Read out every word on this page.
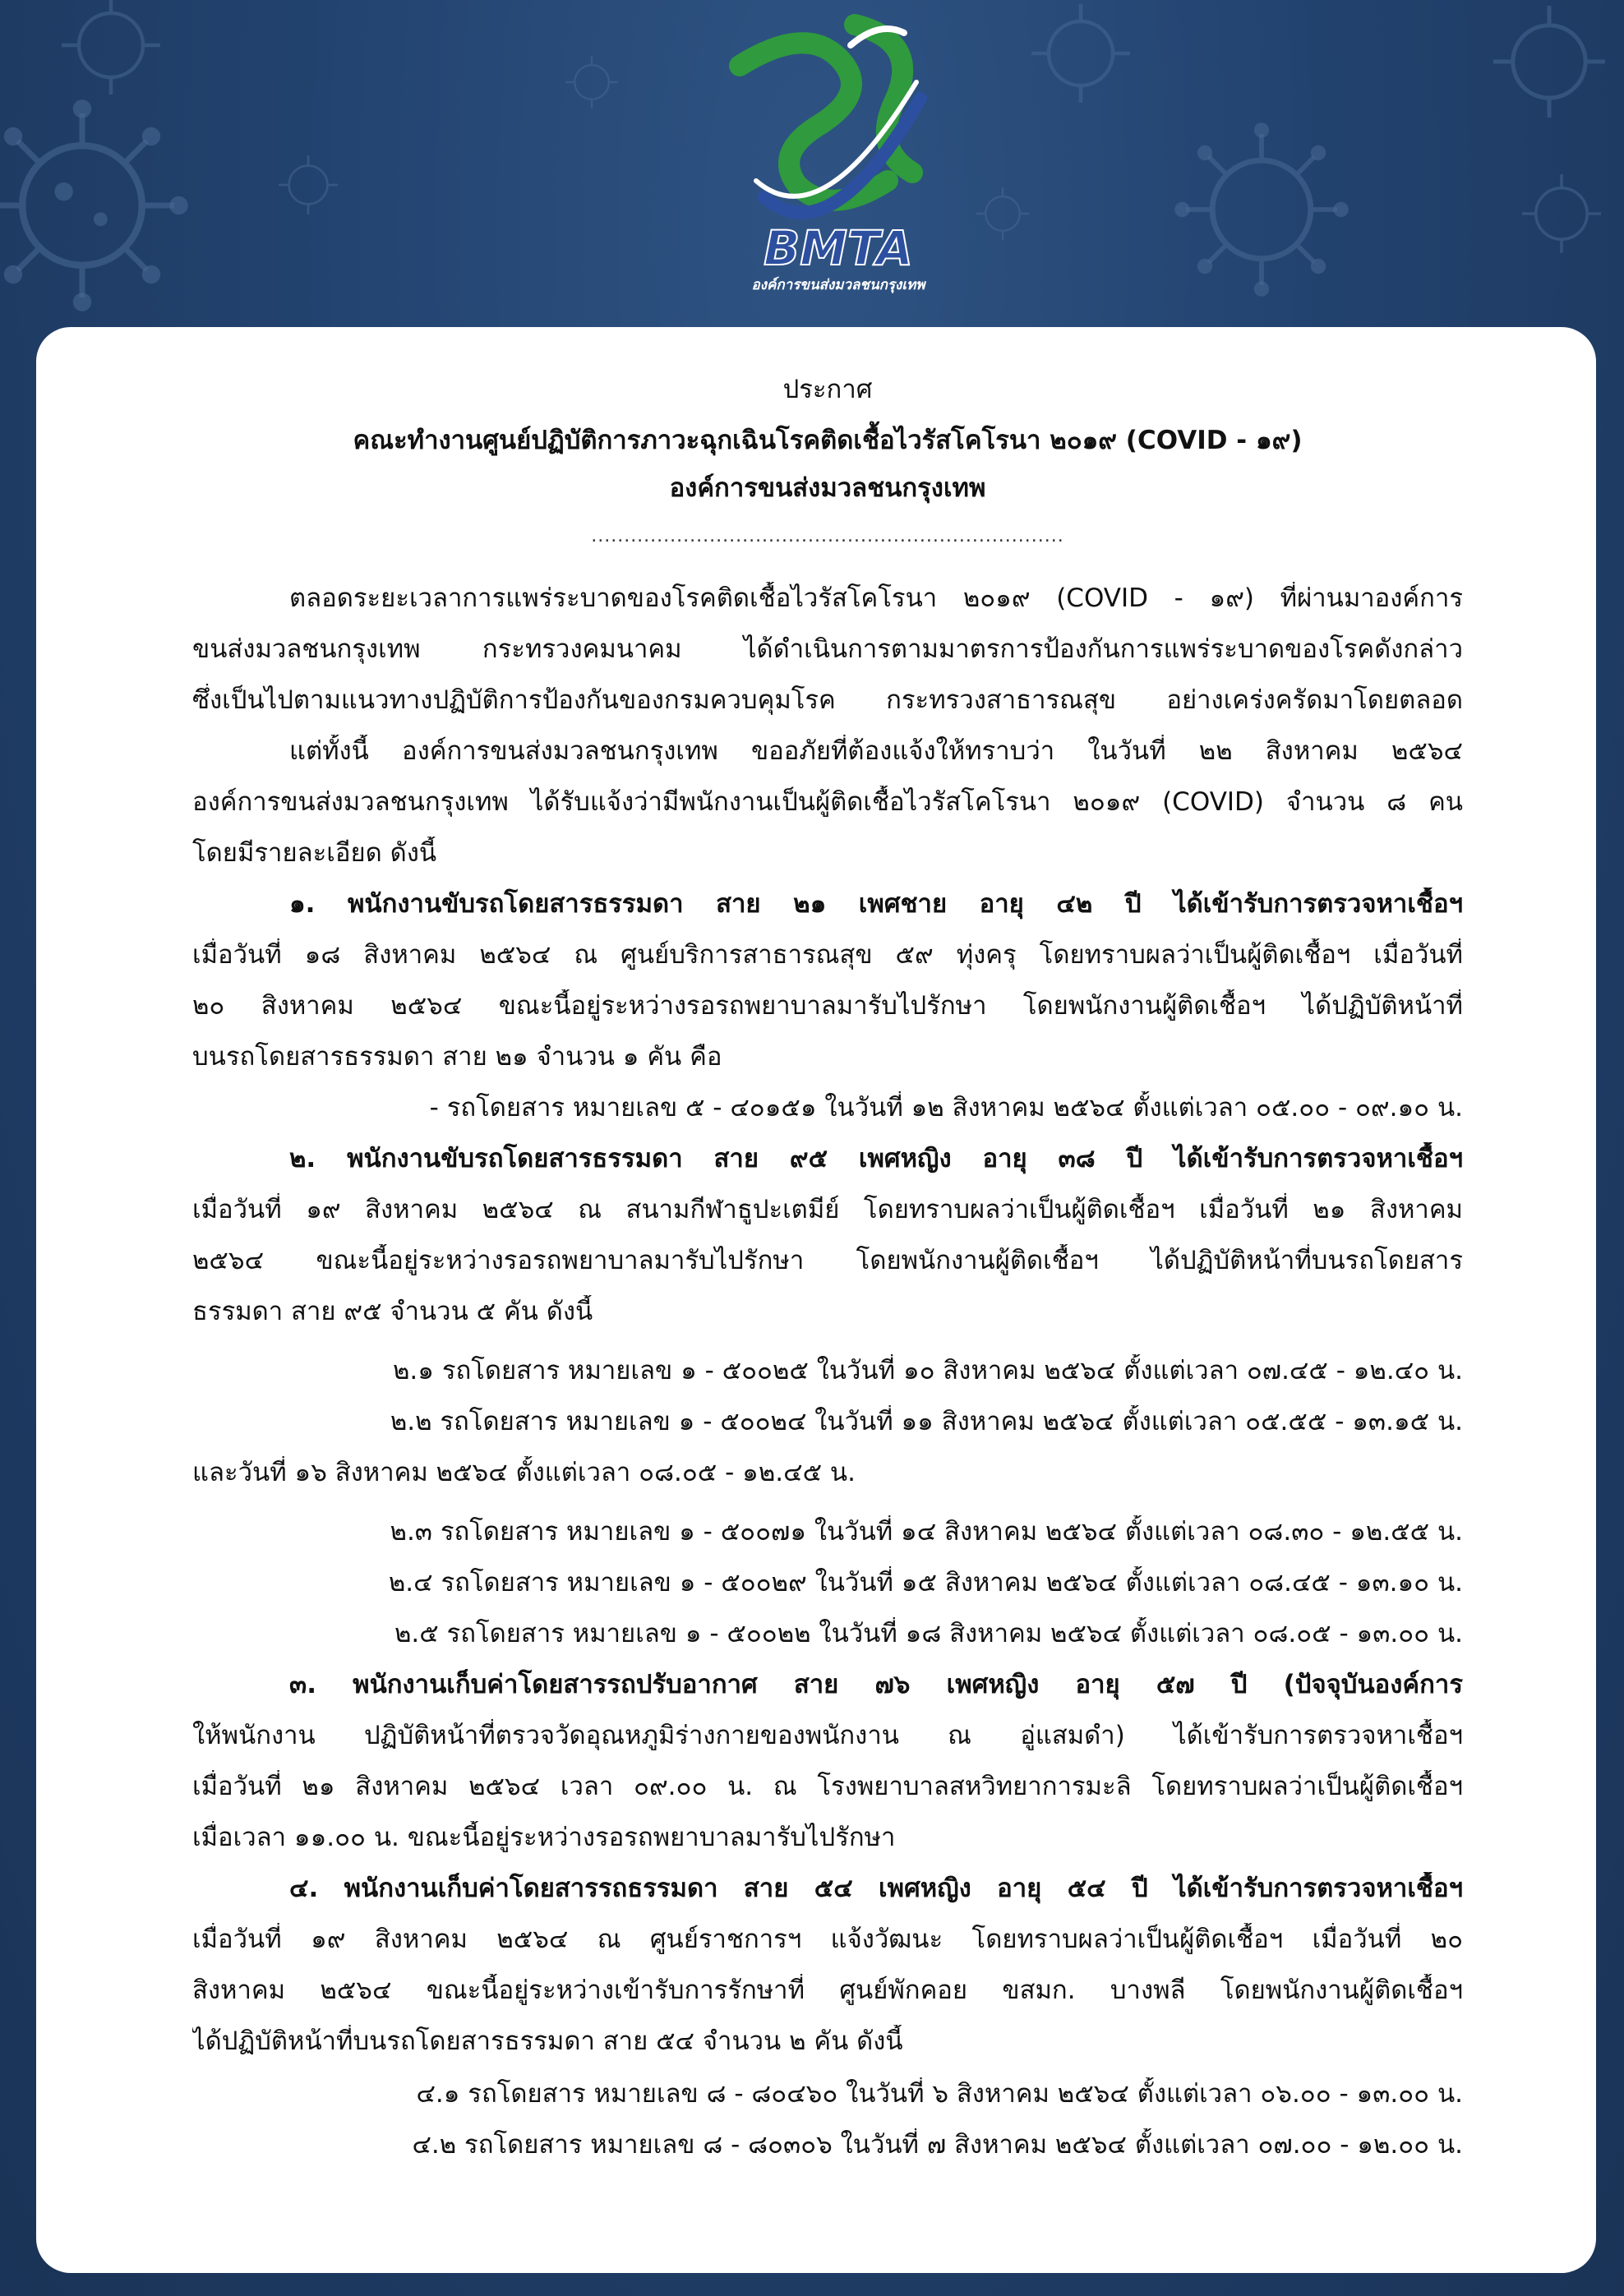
BMTA
องค์การขนส่งมวลชนกรุงเทพ
ประกาศ
คณะทำงานศูนย์ปฏิบัติการภาวะฉุกเฉินโรคติดเชื้อไวรัสโคโรนา ๒๐๑๙ (COVID - ๑๙)
องค์การขนส่งมวลชนกรุงเทพ
........................................................................
ตลอดระยะเวลาการแพร่ระบาดของโรคติดเชื้อไวรัสโคโรนา ๒๐๑๙ (COVID - ๑๙) ที่ผ่านมาองค์การ
ขนส่งมวลชนกรุงเทพ กระทรวงคมนาคม ได้ดำเนินการตามมาตรการป้องกันการแพร่ระบาดของโรคดังกล่าว
ซึ่งเป็นไปตามแนวทางปฏิบัติการป้องกันของกรมควบคุมโรค กระทรวงสาธารณสุข อย่างเคร่งครัดมาโดยตลอด
แต่ทั้งนี้ องค์การขนส่งมวลชนกรุงเทพ ขออภัยที่ต้องแจ้งให้ทราบว่า ในวันที่ ๒๒ สิงหาคม ๒๕๖๔
องค์การขนส่งมวลชนกรุงเทพ ได้รับแจ้งว่ามีพนักงานเป็นผู้ติดเชื้อไวรัสโคโรนา ๒๐๑๙ (COVID) จำนวน ๘ คน
โดยมีรายละเอียด ดังนี้
๑. พนักงานขับรถโดยสารธรรมดา สาย ๒๑ เพศชาย อายุ ๔๒ ปี ได้เข้ารับการตรวจหาเชื้อฯ
เมื่อวันที่ ๑๘ สิงหาคม ๒๕๖๔ ณ ศูนย์บริการสาธารณสุข ๕๙ ทุ่งครุ โดยทราบผลว่าเป็นผู้ติดเชื้อฯ เมื่อวันที่
๒๐ สิงหาคม ๒๕๖๔ ขณะนี้อยู่ระหว่างรอรถพยาบาลมารับไปรักษา โดยพนักงานผู้ติดเชื้อฯ ได้ปฏิบัติหน้าที่
บนรถโดยสารธรรมดา สาย ๒๑ จำนวน ๑ คัน คือ
- รถโดยสาร หมายเลข ๕ - ๔๐๑๕๑ ในวันที่ ๑๒ สิงหาคม ๒๕๖๔ ตั้งแต่เวลา ๐๕.๐๐ - ๐๙.๑๐ น.
๒. พนักงานขับรถโดยสารธรรมดา สาย ๙๕ เพศหญิง อายุ ๓๘ ปี ได้เข้ารับการตรวจหาเชื้อฯ
เมื่อวันที่ ๑๙ สิงหาคม ๒๕๖๔ ณ สนามกีฬาธูปะเตมีย์ โดยทราบผลว่าเป็นผู้ติดเชื้อฯ เมื่อวันที่ ๒๑ สิงหาคม
๒๕๖๔ ขณะนี้อยู่ระหว่างรอรถพยาบาลมารับไปรักษา โดยพนักงานผู้ติดเชื้อฯ ได้ปฏิบัติหน้าที่บนรถโดยสาร
ธรรมดา สาย ๙๕ จำนวน ๕ คัน ดังนี้
๒.๑ รถโดยสาร หมายเลข ๑ - ๕๐๐๒๕ ในวันที่ ๑๐ สิงหาคม ๒๕๖๔ ตั้งแต่เวลา ๐๗.๔๕ - ๑๒.๔๐ น.
๒.๒ รถโดยสาร หมายเลข ๑ - ๕๐๐๒๔ ในวันที่ ๑๑ สิงหาคม ๒๕๖๔ ตั้งแต่เวลา ๐๕.๕๕ - ๑๓.๑๕ น.
และวันที่ ๑๖ สิงหาคม ๒๕๖๔ ตั้งแต่เวลา ๐๘.๐๕ - ๑๒.๔๕ น.
๒.๓ รถโดยสาร หมายเลข ๑ - ๕๐๐๗๑ ในวันที่ ๑๔ สิงหาคม ๒๕๖๔ ตั้งแต่เวลา ๐๘.๓๐ - ๑๒.๕๕ น.
๒.๔ รถโดยสาร หมายเลข ๑ - ๕๐๐๒๙ ในวันที่ ๑๕ สิงหาคม ๒๕๖๔ ตั้งแต่เวลา ๐๘.๔๕ - ๑๓.๑๐ น.
๒.๕ รถโดยสาร หมายเลข ๑ - ๕๐๐๒๒ ในวันที่ ๑๘ สิงหาคม ๒๕๖๔ ตั้งแต่เวลา ๐๘.๐๕ - ๑๓.๐๐ น.
๓. พนักงานเก็บค่าโดยสารรถปรับอากาศ สาย ๗๖ เพศหญิง อายุ ๕๗ ปี (ปัจจุบันองค์การ
ให้พนักงาน ปฏิบัติหน้าที่ตรวจวัดอุณหภูมิร่างกายของพนักงาน ณ อู่แสมดำ) ได้เข้ารับการตรวจหาเชื้อฯ
เมื่อวันที่ ๒๑ สิงหาคม ๒๕๖๔ เวลา ๐๙.๐๐ น. ณ โรงพยาบาลสหวิทยาการมะลิ โดยทราบผลว่าเป็นผู้ติดเชื้อฯ
เมื่อเวลา ๑๑.๐๐ น. ขณะนี้อยู่ระหว่างรอรถพยาบาลมารับไปรักษา
๔. พนักงานเก็บค่าโดยสารรถธรรมดา สาย ๕๔ เพศหญิง อายุ ๕๔ ปี ได้เข้ารับการตรวจหาเชื้อฯ
เมื่อวันที่ ๑๙ สิงหาคม ๒๕๖๔ ณ ศูนย์ราชการฯ แจ้งวัฒนะ โดยทราบผลว่าเป็นผู้ติดเชื้อฯ เมื่อวันที่ ๒๐
สิงหาคม ๒๕๖๔ ขณะนี้อยู่ระหว่างเข้ารับการรักษาที่ ศูนย์พักคอย ขสมก. บางพลี โดยพนักงานผู้ติดเชื้อฯ
ได้ปฏิบัติหน้าที่บนรถโดยสารธรรมดา สาย ๕๔ จำนวน ๒ คัน ดังนี้
๔.๑ รถโดยสาร หมายเลข ๘ - ๘๐๔๖๐ ในวันที่ ๖ สิงหาคม ๒๕๖๔ ตั้งแต่เวลา ๐๖.๐๐ - ๑๓.๐๐ น.
๔.๒ รถโดยสาร หมายเลข ๘ - ๘๐๓๐๖ ในวันที่ ๗ สิงหาคม ๒๕๖๔ ตั้งแต่เวลา ๐๗.๐๐ - ๑๒.๐๐ น.
